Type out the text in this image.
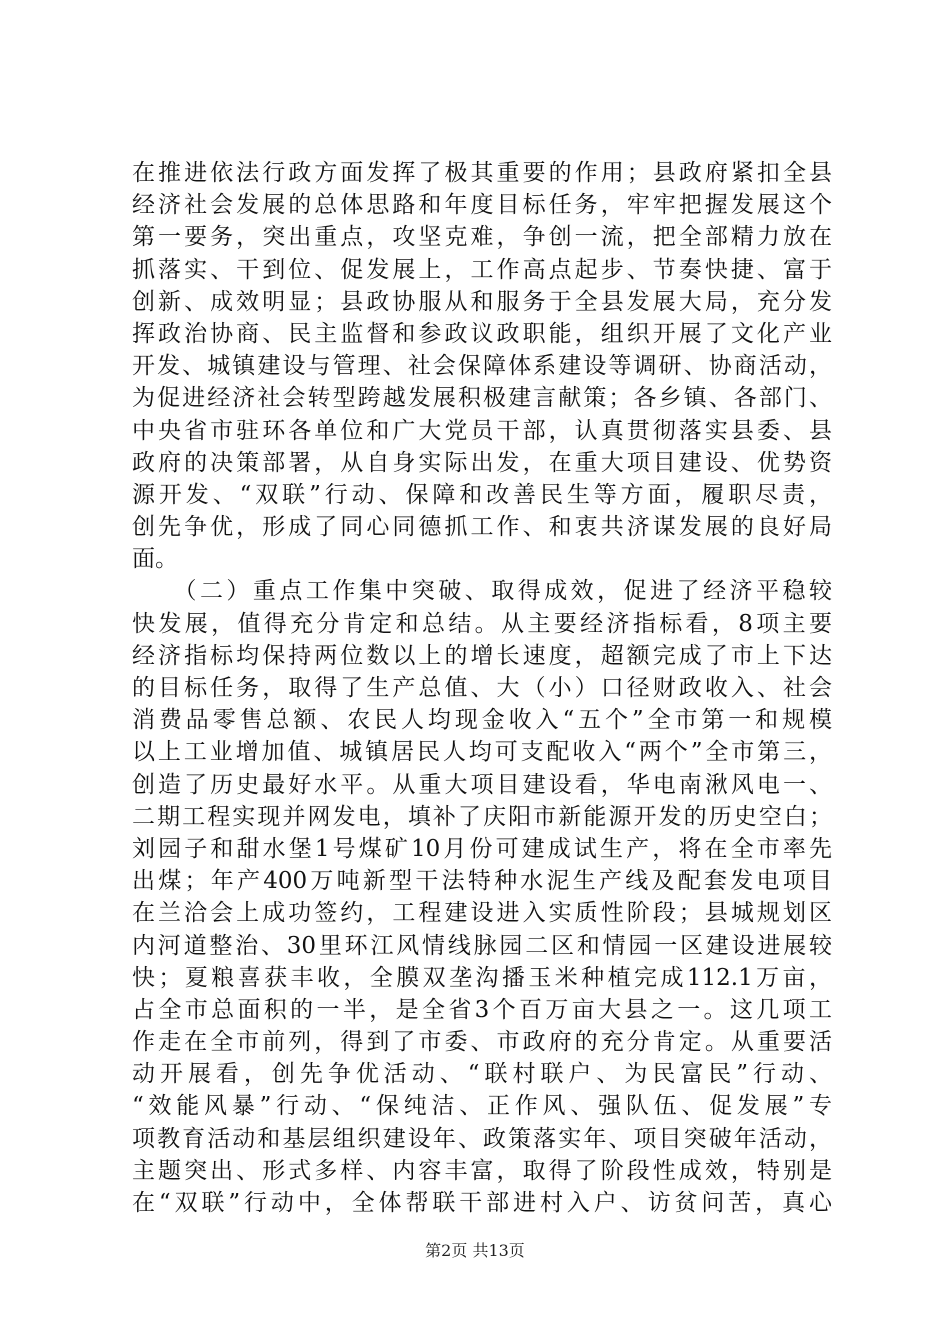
在推进依法行政方面发挥了极其重要的作用；县政府紧扣全县
经济社会发展的总体思路和年度目标任务，牢牢把握发展这个
第一要务，突出重点，攻坚克难，争创一流，把全部精力放在
抓落实、干到位、促发展上，工作高点起步、节奏快捷、富于
创新、成效明显；县政协服从和服务于全县发展大局，充分发
挥政治协商、民主监督和参政议政职能，组织开展了文化产业
开发、城镇建设与管理、社会保障体系建设等调研、协商活动，
为促进经济社会转型跨越发展积极建言献策；各乡镇、各部门、
中央省市驻环各单位和广大党员干部，认真贯彻落实县委、县
政府的决策部署，从自身实际出发，在重大项目建设、优势资
源开发、“双联”行动、保障和改善民生等方面，履职尽责，
创先争优，形成了同心同德抓工作、和衷共济谋发展的良好局
面。
　　（二）重点工作集中突破、取得成效，促进了经济平稳较
快发展，值得充分肯定和总结。从主要经济指标看，8项主要
经济指标均保持两位数以上的增长速度，超额完成了市上下达
的目标任务，取得了生产总值、大（小）口径财政收入、社会
消费品零售总额、农民人均现金收入“五个”全市第一和规模
以上工业增加值、城镇居民人均可支配收入“两个”全市第三，
创造了历史最好水平。从重大项目建设看，华电南湫风电一、
二期工程实现并网发电，填补了庆阳市新能源开发的历史空白；
刘园子和甜水堡1号煤矿10月份可建成试生产，将在全市率先
出煤；年产400万吨新型干法特种水泥生产线及配套发电项目
在兰洽会上成功签约，工程建设进入实质性阶段；县城规划区
内河道整治、30里环江风情线脉园二区和情园一区建设进展较
快；夏粮喜获丰收，全膜双垄沟播玉米种植完成112.1万亩，
占全市总面积的一半，是全省3个百万亩大县之一。这几项工
作走在全市前列，得到了市委、市政府的充分肯定。从重要活
动开展看，创先争优活动、“联村联户、为民富民”行动、
“效能风暴”行动、“保纯洁、正作风、强队伍、促发展”专
项教育活动和基层组织建设年、政策落实年、项目突破年活动，
主题突出、形式多样、内容丰富，取得了阶段性成效，特别是
在“双联”行动中，全体帮联干部进村入户、访贫问苦，真心
第2页 共13页
